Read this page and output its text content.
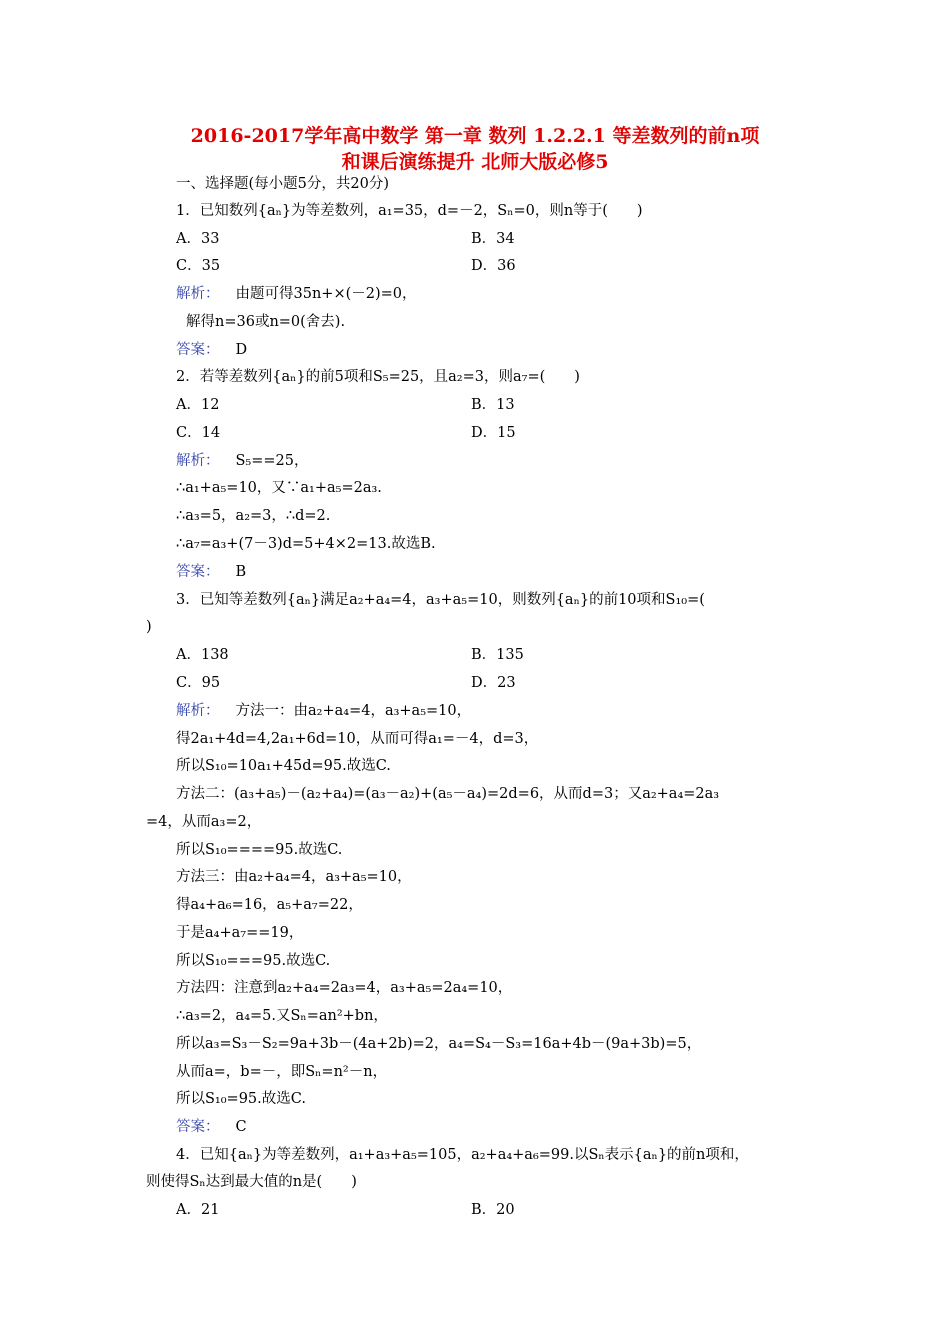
2016-2017学年高中数学 第一章 数列 1.2.2.1 等差数列的前n项
和课后演练提升 北师大版必修5
一、选择题(每小题5分，共20分)
1．已知数列{aₙ}为等差数列，a₁=35，d=－2，Sₙ=0，则n等于(　　)
A．33	B．34
C．35	D．36
解析： 由题可得35n+×(－2)=0，
解得n=36或n=0(舍去).
答案： D
2．若等差数列{aₙ}的前5项和S₅=25，且a₂=3，则a₇=(　　)
A．12	B．13
C．14	D．15
解析： S₅==25，
∴a₁+a₅=10，又∵a₁+a₅=2a₃.
∴a₃=5，a₂=3，∴d=2.
∴a₇=a₃+(7－3)d=5+4×2=13.故选B.
答案： B
3．已知等差数列{aₙ}满足a₂+a₄=4，a₃+a₅=10，则数列{aₙ}的前10项和S₁₀=(
)
A．138	B．135
C．95	D．23
解析： 方法一：由a₂+a₄=4，a₃+a₅=10，
得2a₁+4d=4,2a₁+6d=10，从而可得a₁=－4，d=3，
所以S₁₀=10a₁+45d=95.故选C.
方法二：(a₃+a₅)－(a₂+a₄)=(a₃－a₂)+(a₅－a₄)=2d=6，从而d=3；又a₂+a₄=2a₃
=4，从而a₃=2，
所以S₁₀====95.故选C.
方法三：由a₂+a₄=4，a₃+a₅=10，
得a₄+a₆=16，a₅+a₇=22，
于是a₄+a₇==19，
所以S₁₀===95.故选C.
方法四：注意到a₂+a₄=2a₃=4，a₃+a₅=2a₄=10，
∴a₃=2，a₄=5.又Sₙ=an²+bn，
所以a₃=S₃－S₂=9a+3b－(4a+2b)=2，a₄=S₄－S₃=16a+4b－(9a+3b)=5，
从而a=，b=－，即Sₙ=n²－n，
所以S₁₀=95.故选C.
答案： C
4．已知{aₙ}为等差数列，a₁+a₃+a₅=105，a₂+a₄+a₆=99.以Sₙ表示{aₙ}的前n项和，
则使得Sₙ达到最大值的n是(　　)
A．21	B．20
